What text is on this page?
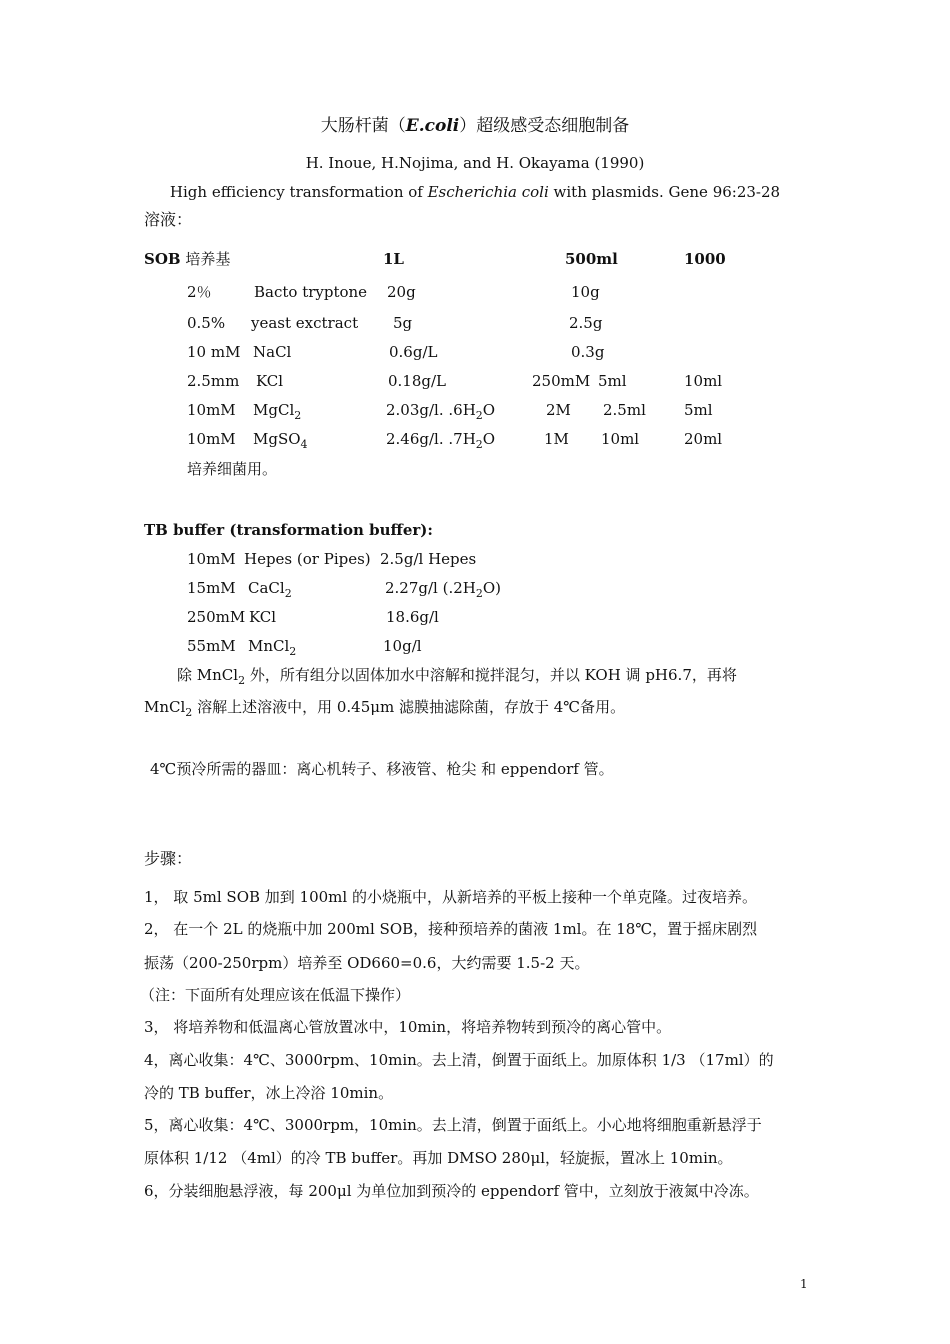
大肠杆菌（E.coli）超级感受态细胞制备
H. Inoue, H.Nojima, and H. Okayama (1990)
High efficiency transformation of Escherichia coli with plasmids. Gene 96:23-28
溶液：
SOB 培养基	1L	500ml	1000
2％	Bacto tryptone 20g	10g
0.5% yeast exctract 5g	2.5g
10 mM NaCl	0.6g/L	0.3g
2.5mm KCl	0.18g/L	250mM 5ml	10ml
10mM MgCl$_2$	2.03g/l. $.6H_2O$	2M 2.5ml	5ml
10mM MgSO$_4$	2.46g/l. $.7H_2O$	1M 10ml	20ml
培养细菌用。
TB buffer (transformation buffer):
10mM Hepes (or Pipes) 2.5g/l Hepes
15mM CaCl$_2$	2.27g/l $(.2H_2O)$
250mM KCl	18.6g/l
55mM MnCl$_2$	10g/l
除 MnCl$_2$ 外，所有组分以固体加水中溶解和搅拌混匀，并以 KOH 调 pH6.7，再将
MnCl$_2$ 溶解上述溶液中，用 0.45μm 滤膜抽滤除菌，存放于 4℃备用。
4℃预冷所需的器皿：离心机转子、移液管、枪尖 和 eppendorf 管。
步骤：
1， 取 5ml SOB 加到 100ml 的小烧瓶中，从新培养的平板上接种一个单克隆。过夜培养。
2， 在一个 2L 的烧瓶中加 200ml SOB，接种预培养的菌液 1ml。在 18℃，置于摇床剧烈
振荡（200-250rpm）培养至 OD660=0.6，大约需要 1.5-2 天。
（注：下面所有处理应该在低温下操作）
3， 将培养物和低温离心管放置冰中，10min，将培养物转到预冷的离心管中。
4，离心收集：4℃、3000rpm、10min。去上清，倒置于面纸上。加原体积 1/3 （17ml）的
冷的 TB buffer，冰上冷浴 10min。
5，离心收集：4℃、3000rpm，10min。去上清，倒置于面纸上。小心地将细胞重新悬浮于
原体积 1/12 （4ml）的冷 TB buffer。再加 DMSO 280μl，轻旋振，置冰上 10min。
6，分装细胞悬浮液，每 200μl 为单位加到预冷的 eppendorf 管中，立刻放于液氮中冷冻。
1
